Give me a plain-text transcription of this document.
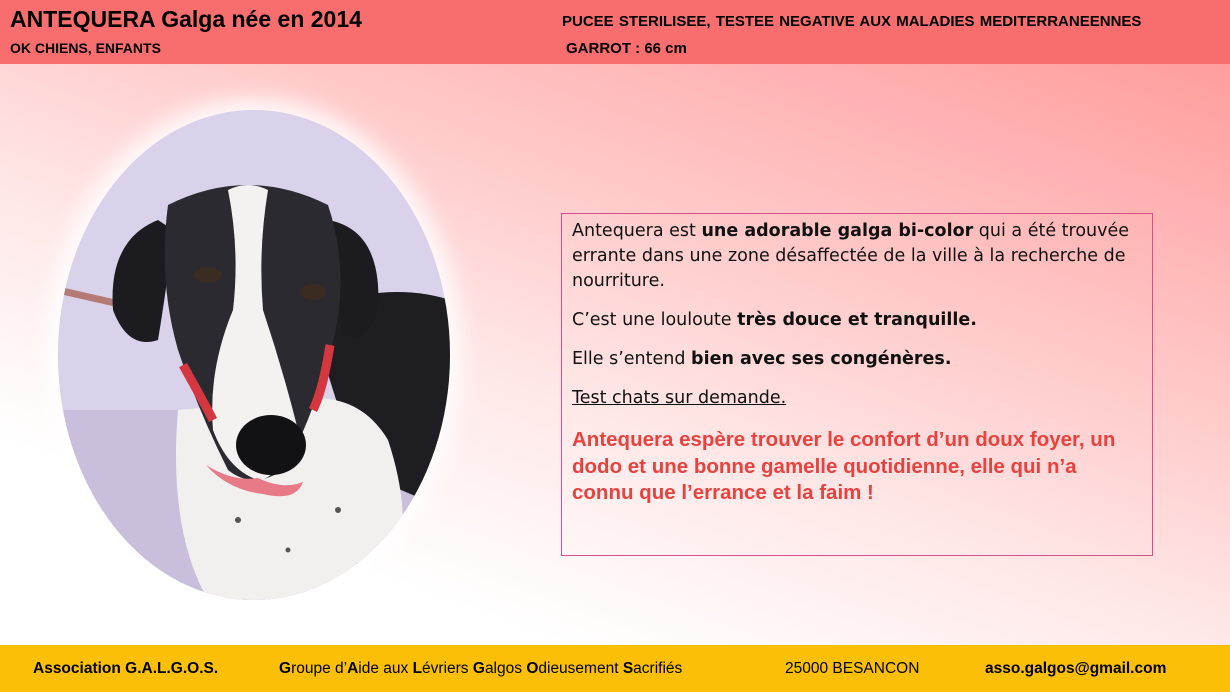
ANTEQUERA Galga née en 2014
OK CHIENS, ENFANTS
PUCEE STERILISEE, TESTEE NEGATIVE AUX MALADIES MEDITERRANEENNES
GARROT : 66 cm

Antequera est une adorable galga bi-color qui a été trouvée errante dans une zone désaffectée de la ville à la recherche de nourriture.

C’est une louloute très douce et tranquille.

Elle s’entend bien avec ses congénères.

Test chats sur demande.

Antequera espère trouver le confort d’un doux foyer, un dodo et une bonne gamelle quotidienne, elle qui n’a connu que l’errance et la faim !

Association G.A.L.G.O.S.	Groupe d’Aide aux Lévriers Galgos Odieusement Sacrifiés	25000 BESANCON	asso.galgos@gmail.com
